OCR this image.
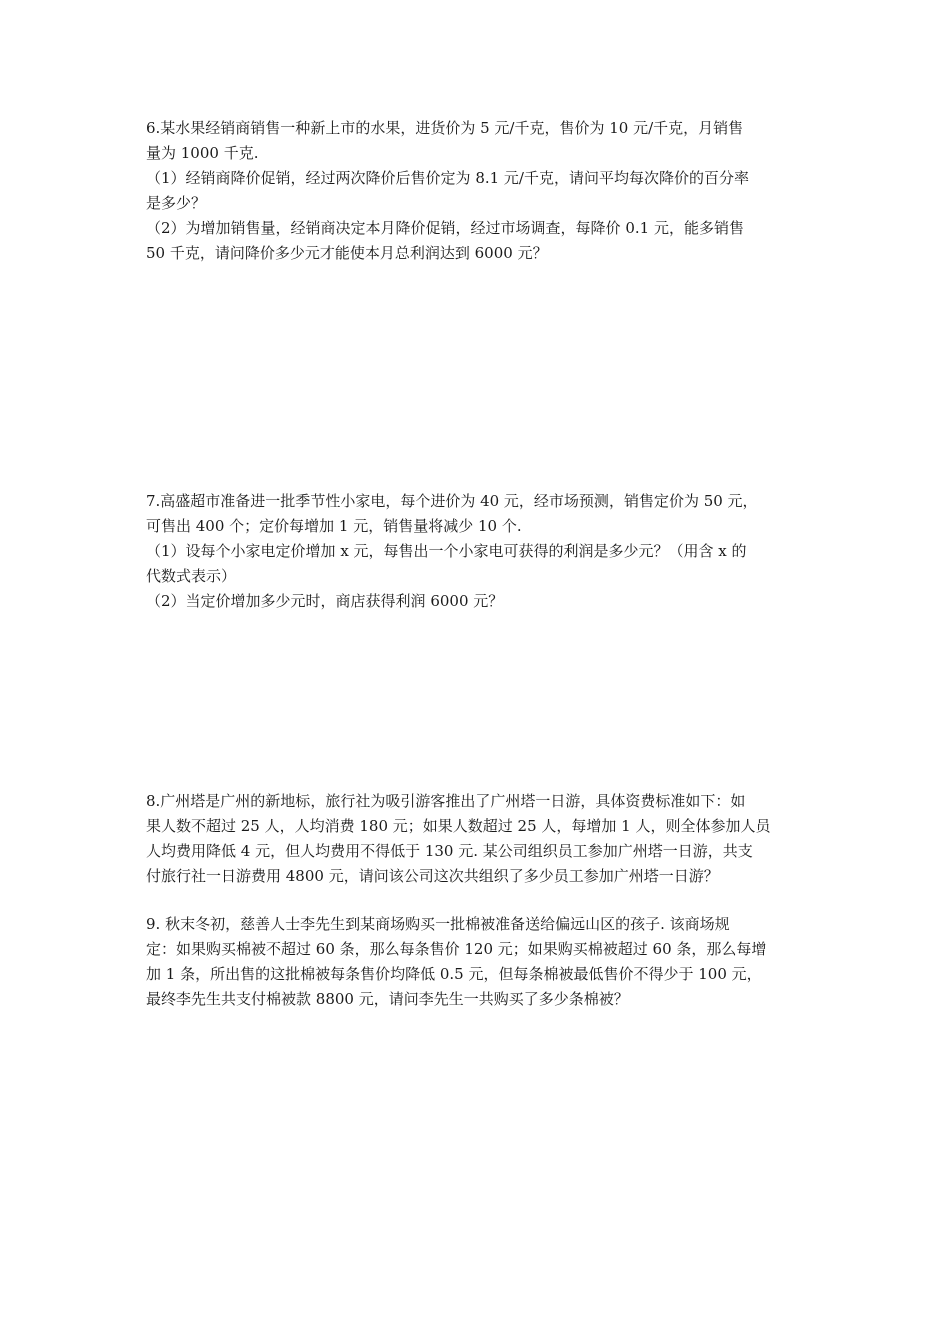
6.某水果经销商销售一种新上市的水果，进货价为 5 元/千克，售价为 10 元/千克，月销售
量为 1000 千克.
（1）经销商降价促销，经过两次降价后售价定为 8.1 元/千克，请问平均每次降价的百分率
是多少？
（2）为增加销售量，经销商决定本月降价促销，经过市场调查，每降价 0.1 元，能多销售
50 千克，请问降价多少元才能使本月总利润达到 6000 元？
7.高盛超市准备进一批季节性小家电，每个进价为 40 元，经市场预测，销售定价为 50 元，
可售出 400 个；定价每增加 1 元，销售量将减少 10 个.
（1）设每个小家电定价增加 x 元，每售出一个小家电可获得的利润是多少元？（用含 x 的
代数式表示）
（2）当定价增加多少元时，商店获得利润 6000 元？
8.广州塔是广州的新地标，旅行社为吸引游客推出了广州塔一日游，具体资费标准如下：如
果人数不超过 25 人，人均消费 180 元；如果人数超过 25 人，每增加 1 人，则全体参加人员
人均费用降低 4 元，但人均费用不得低于 130 元. 某公司组织员工参加广州塔一日游，共支
付旅行社一日游费用 4800 元，请问该公司这次共组织了多少员工参加广州塔一日游？
9. 秋末冬初，慈善人士李先生到某商场购买一批棉被准备送给偏远山区的孩子. 该商场规
定：如果购买棉被不超过 60 条，那么每条售价 120 元；如果购买棉被超过 60 条，那么每增
加 1 条，所出售的这批棉被每条售价均降低 0.5 元，但每条棉被最低售价不得少于 100 元，
最终李先生共支付棉被款 8800 元，请问李先生一共购买了多少条棉被？
